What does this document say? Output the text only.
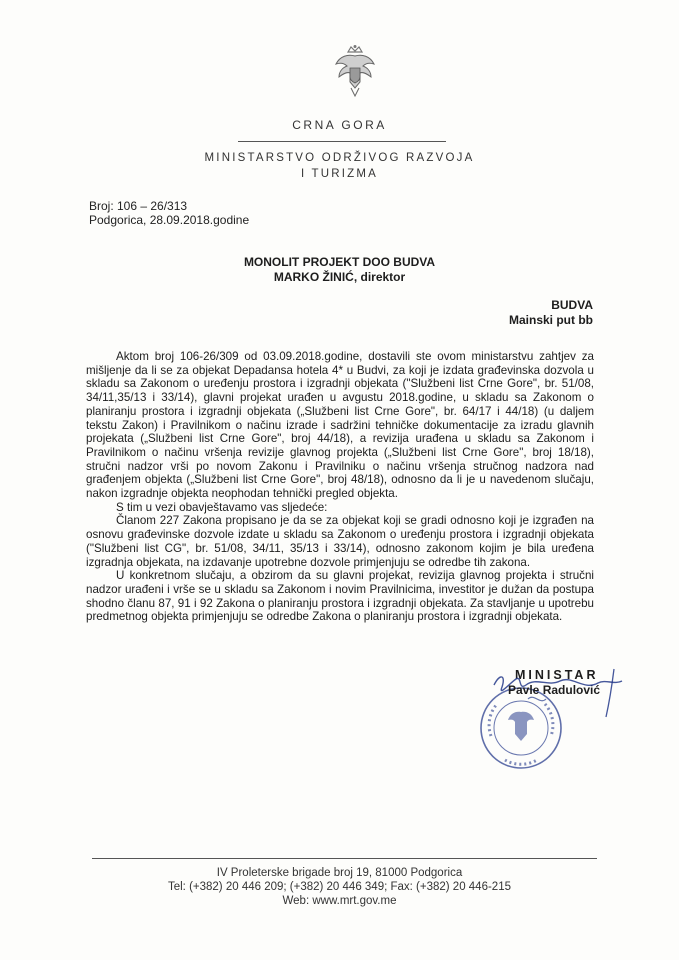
CRNA GORA
MINISTARSTVO ODRŽIVOG RAZVOJA
I TURIZMA
Broj: 106 – 26/313
Podgorica, 28.09.2018.godine
MONOLIT PROJEKT DOO BUDVA
MARKO ŽINIĆ, direktor
BUDVA
Mainski put bb

Aktom broj 106-26/309 od 03.09.2018.godine, dostavili ste ovom ministarstvu zahtjev za mišljenje da li se za objekat Depadansa hotela 4* u Budvi, za koji je izdata građevinska dozvola u skladu sa Zakonom o uređenju prostora i izgradnji objekata ("Službeni list Crne Gore", br. 51/08, 34/11,35/13 i 33/14), glavni projekat urađen u avgustu 2018.godine, u skladu sa Zakonom o planiranju prostora i izgradnji objekata („Službeni list Crne Gore", br. 64/17 i 44/18) (u daljem tekstu Zakon) i Pravilnikom o načinu izrade i sadržini tehničke dokumentacije za izradu glavnih projekata („Službeni list Crne Gore", broj 44/18), a revizija urađena u skladu sa Zakonom i Pravilnikom o načinu vršenja revizije glavnog projekta („Službeni list Crne Gore", broj 18/18), stručni nadzor vrši po novom Zakonu i Pravilniku o načinu vršenja stručnog nadzora nad građenjem objekta („Službeni list Crne Gore", broj 48/18), odnosno da li je u navedenom slučaju, nakon izgradnje objekta neophodan tehnički pregled objekta.

S tim u vezi obavještavamo vas sljedeće:

Članom 227 Zakona propisano je da se za objekat koji se gradi odnosno koji je izgrađen na osnovu građevinske dozvole izdate u skladu sa Zakonom o uređenju prostora i izgradnji objekata ("Službeni list CG", br. 51/08, 34/11, 35/13 i 33/14), odnosno zakonom kojim je bila uređena izgradnja objekata, na izdavanje upotrebne dozvole primjenjuju se odredbe tih zakona.

U konkretnom slučaju, a obzirom da su glavni projekat, revizija glavnog projekta i stručni nadzor urađeni i vrše se u skladu sa Zakonom i novim Pravilnicima, investitor je dužan da postupa shodno članu 87, 91 i 92 Zakona o planiranju prostora i izgradnji objekata. Za stavljanje u upotrebu predmetnog objekta primjenjuju se odredbe Zakona o planiranju prostora i izgradnji objekata.

MINISTAR
Pavle Radulović
IV Proleterske brigade broj 19, 81000 Podgorica
Tel: (+382) 20 446 209; (+382) 20 446 349; Fax: (+382) 20 446-215
Web: www.mrt.gov.me
